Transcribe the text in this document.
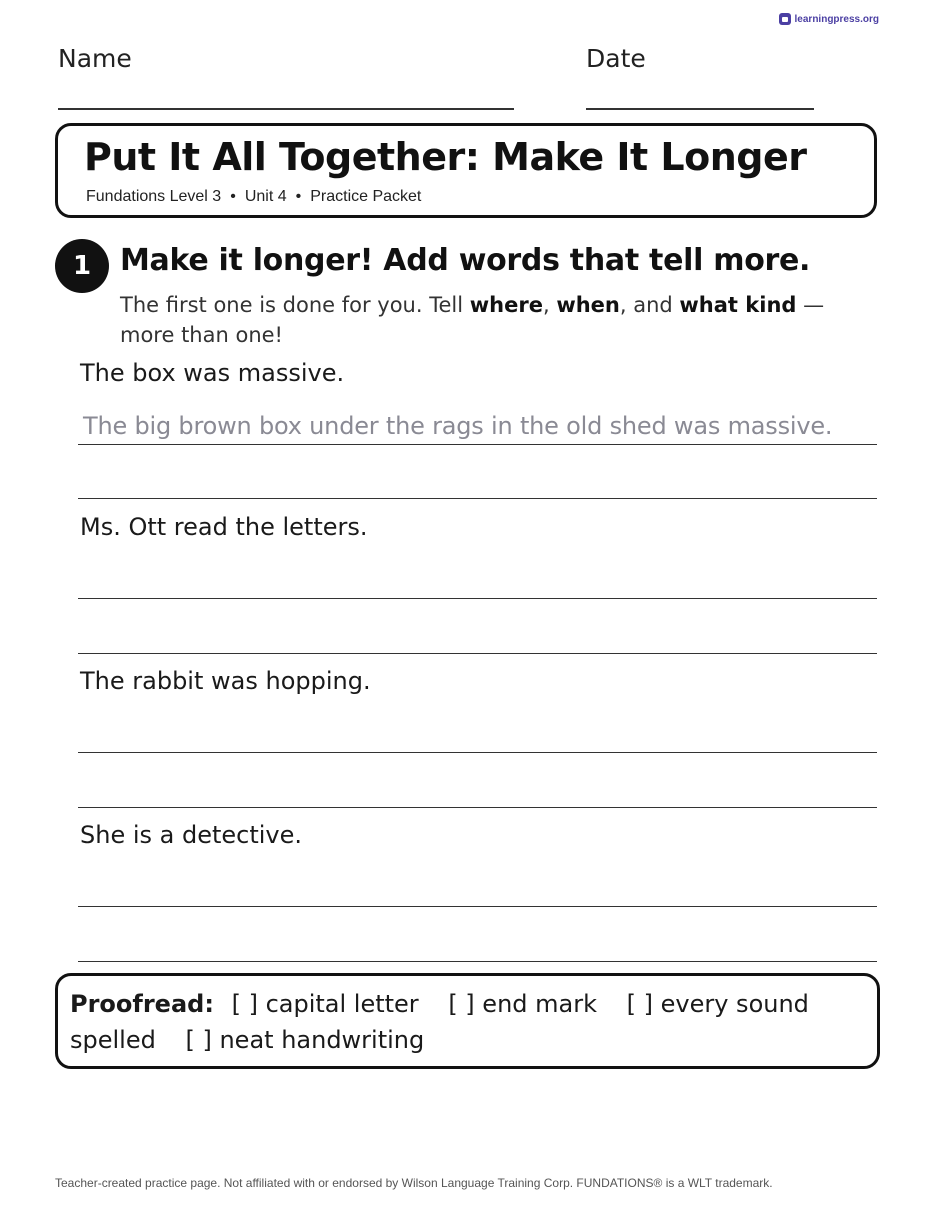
learningpress.org
Name	Date
Put It All Together: Make It Longer
Fundations Level 3 • Unit 4 • Practice Packet
1 Make it longer! Add words that tell more.
The first one is done for you. Tell where, when, and what kind — more than one!
The box was massive.
The big brown box under the rags in the old shed was massive.
Ms. Ott read the letters.
The rabbit was hopping.
She is a detective.
Proofread: [ ] capital letter [ ] end mark [ ] every sound spelled [ ] neat handwriting
Teacher-created practice page. Not affiliated with or endorsed by Wilson Language Training Corp. FUNDATIONS® is a WLT trademark.
